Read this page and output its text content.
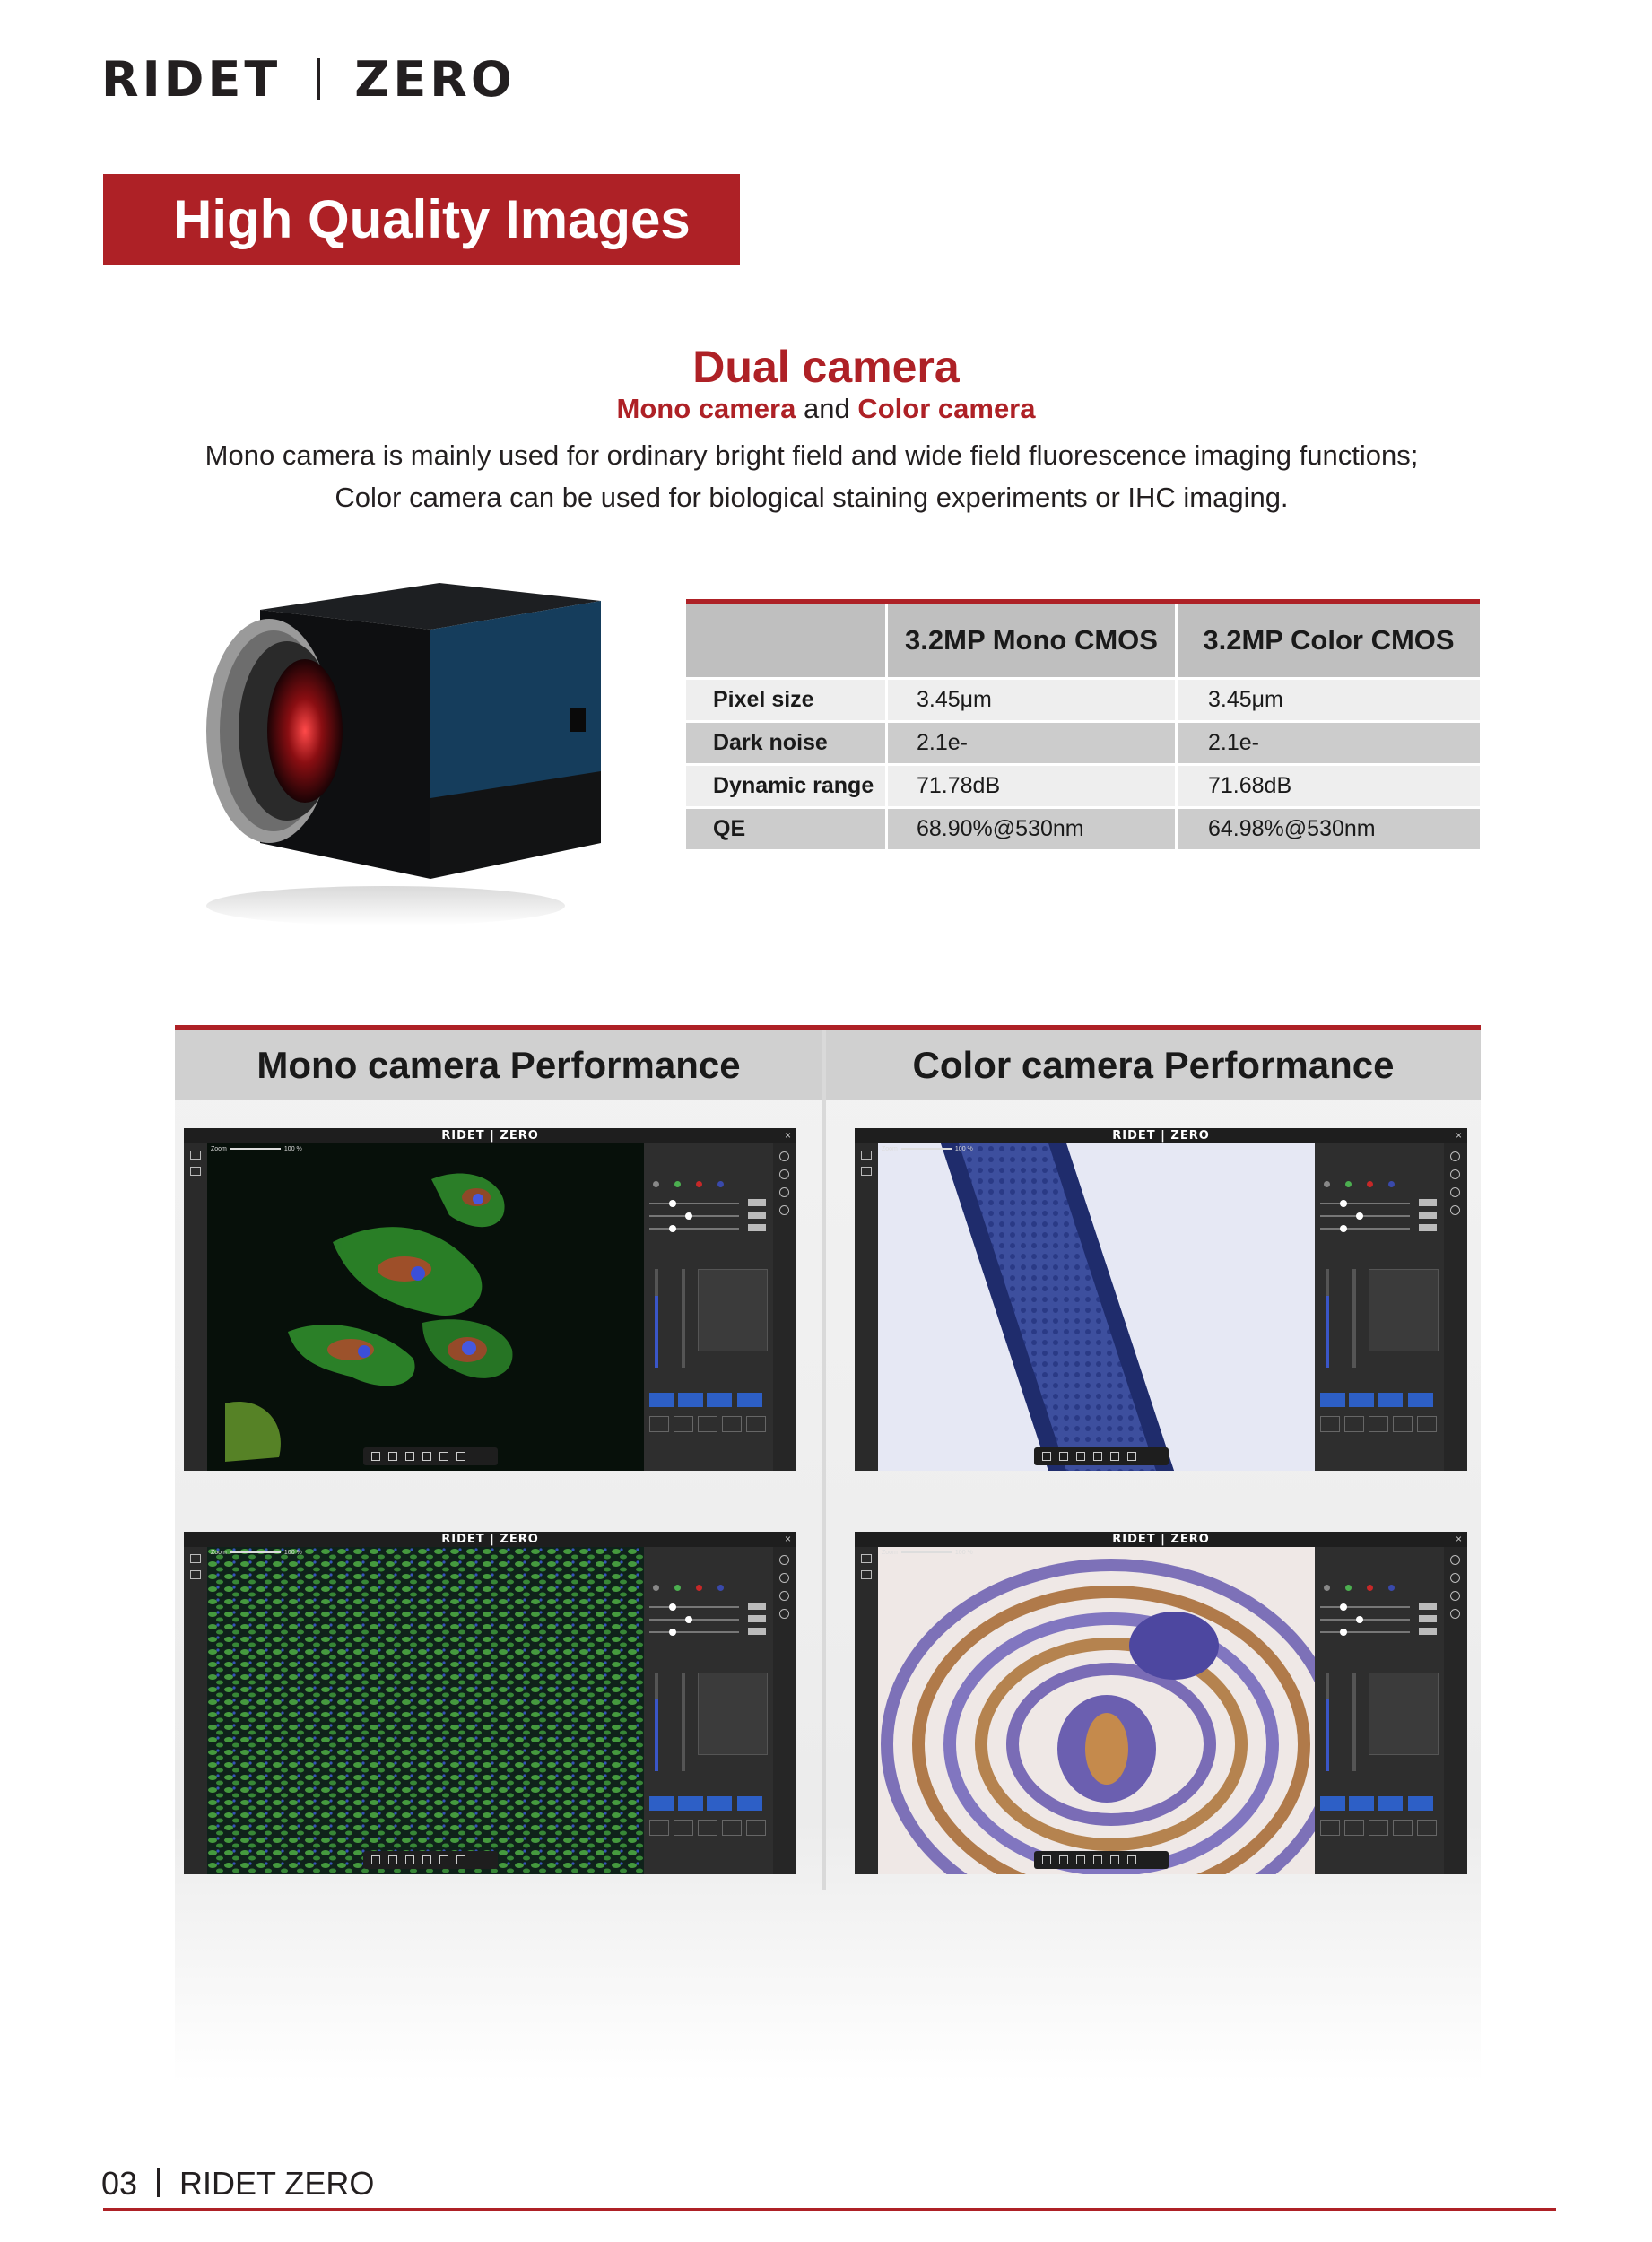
RIDET ZERO
High Quality Images
Dual camera
Mono camera and Color camera
Mono camera is mainly used for ordinary bright field and wide field fluorescence imaging functions;
Color camera can be used for biological staining experiments or IHC imaging.
3.2MP Mono CMOS	3.2MP Color CMOS
Pixel size	3.45μm	3.45μm
Dark noise	2.1e-	2.1e-
Dynamic range	71.78dB	71.68dB
QE	68.90%@530nm	64.98%@530nm
Mono camera Performance	Color camera Performance
RIDET | ZERO	×
Zoom	100 %
RIDET | ZERO	×
Zoom	100 %
RIDET | ZERO	×
Zoom	100 %
RIDET | ZERO	×
Zoom	100 %
03 RIDET ZERO
